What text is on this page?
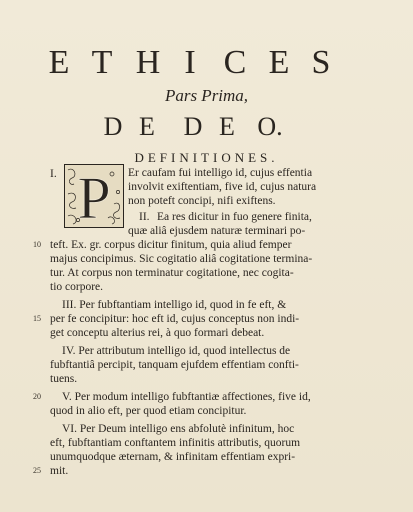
E T H I C E S
Pars Prima,
D E D E O.
DEFINITIONES.
I. P Er caufam fui intelligo id, cujus effentia
involvit exiftentiam, five id, cujus natura
non poteft concipi, nifi exiftens.
II. Ea res dicitur in fuo genere finita,
quæ aliâ ejusdem naturæ terminari po-
10 teft. Ex. gr. corpus dicitur finitum, quia aliud femper
majus concipimus. Sic cogitatio aliâ cogitatione termina-
tur. At corpus non terminatur cogitatione, nec cogita-
tio corpore.
III. Per fubftantiam intelligo id, quod in fe eft, &
15 per fe concipitur: hoc eft id, cujus conceptus non indi-
get conceptu alterius rei, à quo formari debeat.
IV. Per attributum intelligo id, quod intellectus de
fubftantiâ percipit, tanquam ejufdem effentiam confti-
tuens.
20 V. Per modum intelligo fubftantiæ affectiones, five id,
quod in alio eft, per quod etiam concipitur.
VI. Per Deum intelligo ens abfolutè infinitum, hoc
eft, fubftantiam conftantem infinitis attributis, quorum
unumquodque æternam, & infinitam effentiam expri-
25 mit.
